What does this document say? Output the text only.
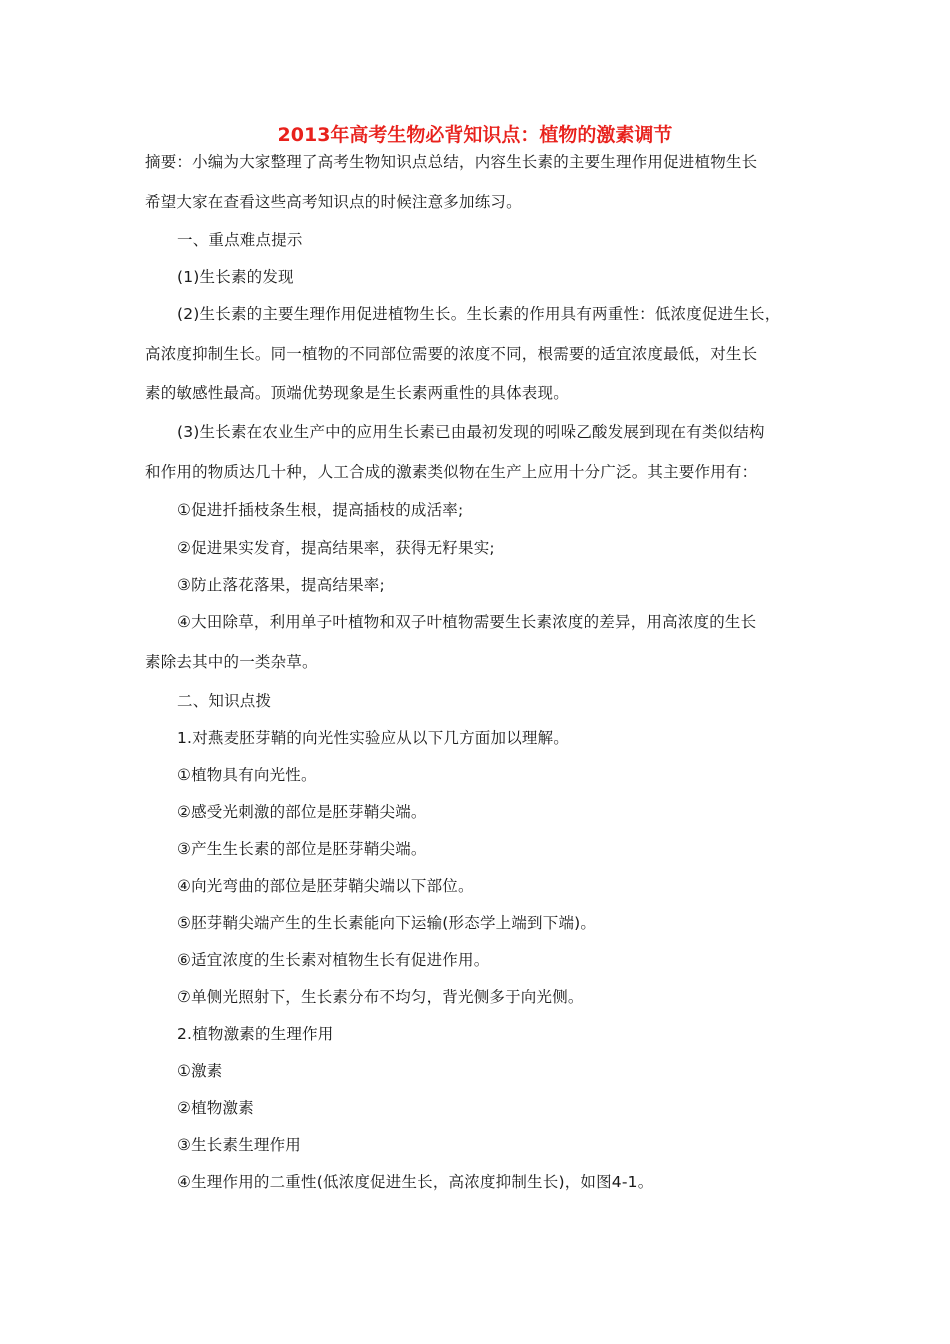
2013年高考生物必背知识点：植物的激素调节
摘要：小编为大家整理了高考生物知识点总结，内容生长素的主要生理作用促进植物生长
希望大家在查看这些高考知识点的时候注意多加练习。
一、重点难点提示
(1)生长素的发现
(2)生长素的主要生理作用促进植物生长。生长素的作用具有两重性：低浓度促进生长，
高浓度抑制生长。同一植物的不同部位需要的浓度不同，根需要的适宜浓度最低，对生长
素的敏感性最高。顶端优势现象是生长素两重性的具体表现。
(3)生长素在农业生产中的应用生长素已由最初发现的吲哚乙酸发展到现在有类似结构
和作用的物质达几十种，人工合成的激素类似物在生产上应用十分广泛。其主要作用有：
①促进扦插枝条生根，提高插枝的成活率;
②促进果实发育，提高结果率，获得无籽果实;
③防止落花落果，提高结果率;
④大田除草，利用单子叶植物和双子叶植物需要生长素浓度的差异，用高浓度的生长
素除去其中的一类杂草。
二、知识点拨
1.对燕麦胚芽鞘的向光性实验应从以下几方面加以理解。
①植物具有向光性。
②感受光刺激的部位是胚芽鞘尖端。
③产生生长素的部位是胚芽鞘尖端。
④向光弯曲的部位是胚芽鞘尖端以下部位。
⑤胚芽鞘尖端产生的生长素能向下运输(形态学上端到下端)。
⑥适宜浓度的生长素对植物生长有促进作用。
⑦单侧光照射下，生长素分布不均匀，背光侧多于向光侧。
2.植物激素的生理作用
①激素
②植物激素
③生长素生理作用
④生理作用的二重性(低浓度促进生长，高浓度抑制生长)，如图4-1。
